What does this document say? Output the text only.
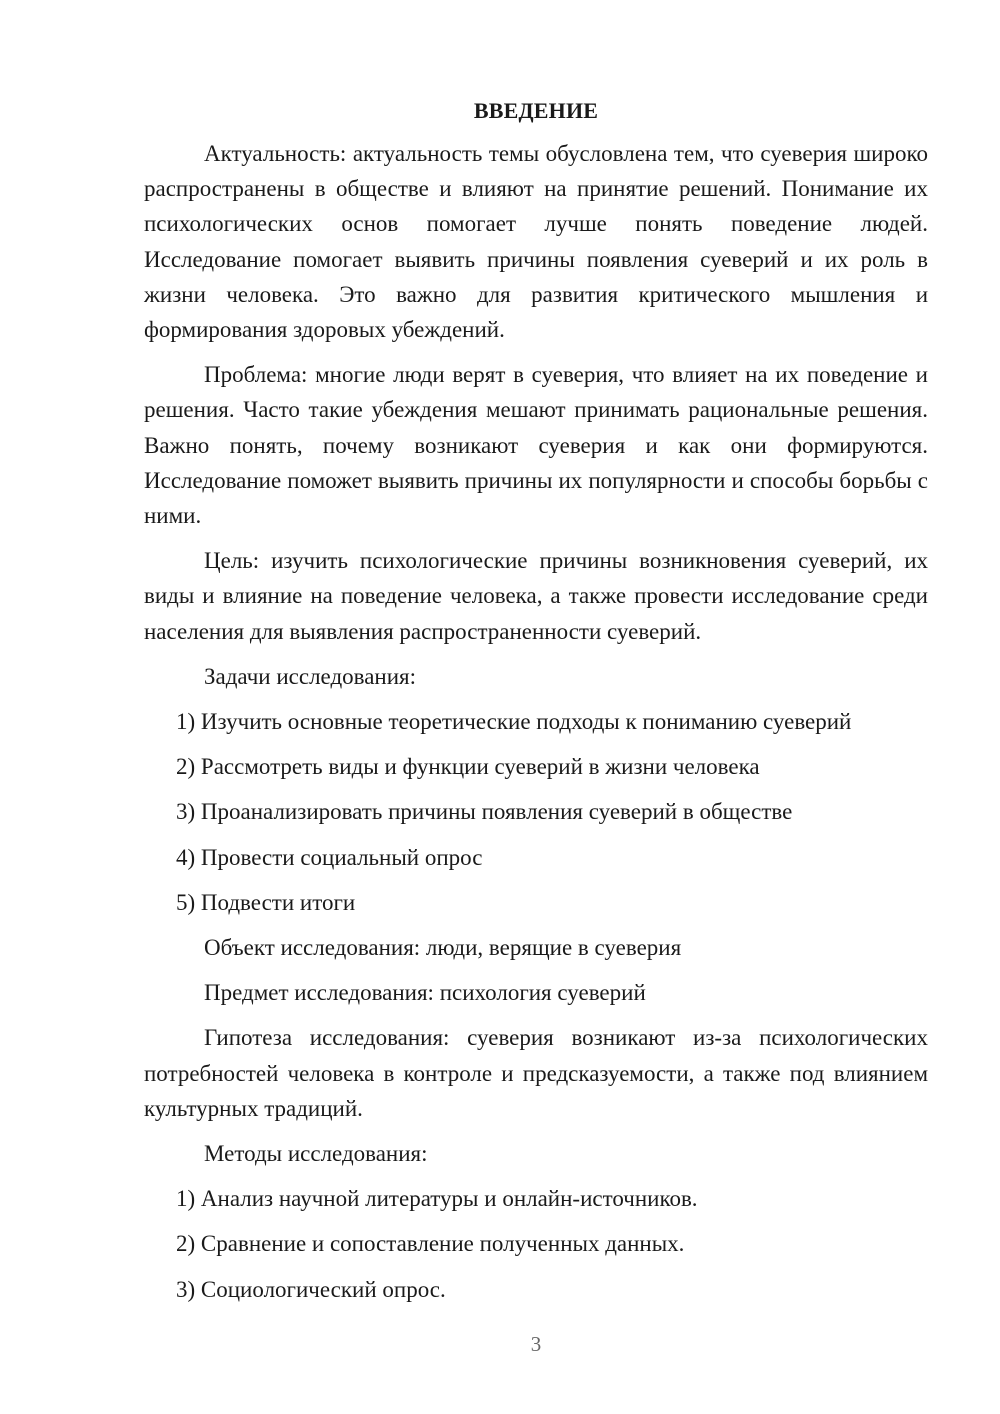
ВВЕДЕНИЕ

Актуальность: актуальность темы обусловлена тем, что суеверия широко распространены в обществе и влияют на принятие решений. Понимание их психологических основ помогает лучше понять поведение людей. Исследование помогает выявить причины появления суеверий и их роль в жизни человека. Это важно для развития критического мышления и формирования здоровых убеждений.

Проблема: многие люди верят в суеверия, что влияет на их поведение и решения. Часто такие убеждения мешают принимать рациональные решения. Важно понять, почему возникают суеверия и как они формируются. Исследование поможет выявить причины их популярности и способы борьбы с ними.

Цель: изучить психологические причины возникновения суеверий, их виды и влияние на поведение человека, а также провести исследование среди населения для выявления распространенности суеверий.

Задачи исследования:

1) Изучить основные теоретические подходы к пониманию суеверий

2) Рассмотреть виды и функции суеверий в жизни человека

3) Проанализировать причины появления суеверий в обществе

4) Провести социальный опрос

5) Подвести итоги

Объект исследования: люди, верящие в суеверия

Предмет исследования: психология суеверий

Гипотеза исследования: суеверия возникают из-за психологических потребностей человека в контроле и предсказуемости, а также под влиянием культурных традиций.

Методы исследования:

1) Анализ научной литературы и онлайн-источников.

2) Сравнение и сопоставление полученных данных.

3) Социологический опрос.

3
